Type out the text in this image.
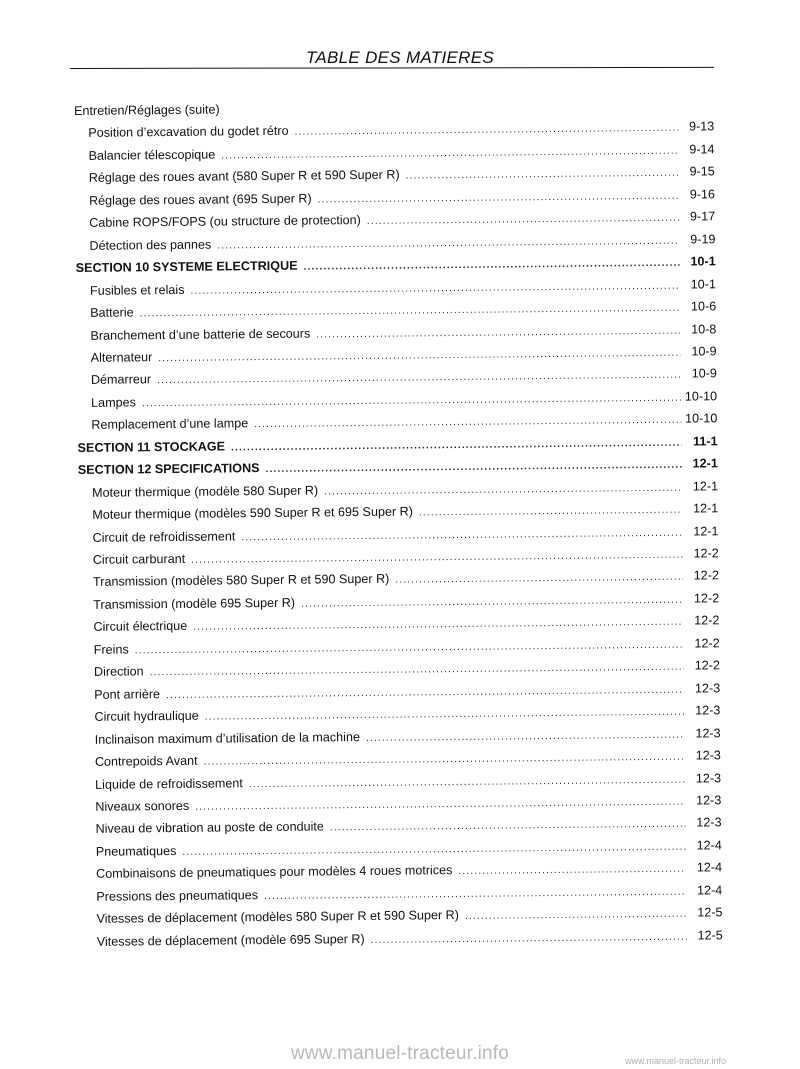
TABLE DES MATIERES
Entretien/Réglages (suite)
Position d’excavation du godet rétro .....	9-13
Balancier télescopique .....	9-14
Réglage des roues avant (580 Super R et 590 Super R) .....	9-15
Réglage des roues avant (695 Super R) .....	9-16
Cabine ROPS/FOPS (ou structure de protection) .....	9-17
Détection des pannes .....	9-19
SECTION 10 SYSTEME ELECTRIQUE .....	10-1
Fusibles et relais .....	10-1
Batterie .....	10-6
Branchement d’une batterie de secours .....	10-8
Alternateur .....	10-9
Démarreur .....	10-9
Lampes .....	10-10
Remplacement d’une lampe .....	10-10
SECTION 11 STOCKAGE .....	11-1
SECTION 12 SPECIFICATIONS .....	12-1
Moteur thermique (modèle 580 Super R) .....	12-1
Moteur thermique (modèles 590 Super R et 695 Super R) .....	12-1
Circuit de refroidissement .....	12-1
Circuit carburant .....	12-2
Transmission (modèles 580 Super R et 590 Super R) .....	12-2
Transmission (modèle 695 Super R) .....	12-2
Circuit électrique .....	12-2
Freins .....	12-2
Direction .....	12-2
Pont arrière .....	12-3
Circuit hydraulique .....	12-3
Inclinaison maximum d’utilisation de la machine .....	12-3
Contrepoids Avant .....	12-3
Liquide de refroidissement .....	12-3
Niveaux sonores .....	12-3
Niveau de vibration au poste de conduite .....	12-3
Pneumatiques .....	12-4
Combinaisons de pneumatiques pour modèles 4 roues motrices .....	12-4
Pressions des pneumatiques .....	12-4
Vitesses de déplacement (modèles 580 Super R et 590 Super R) .....	12-5
Vitesses de déplacement (modèle 695 Super R) .....	12-5
www.manuel-tracteur.info	www.manuel-tracteur.info
